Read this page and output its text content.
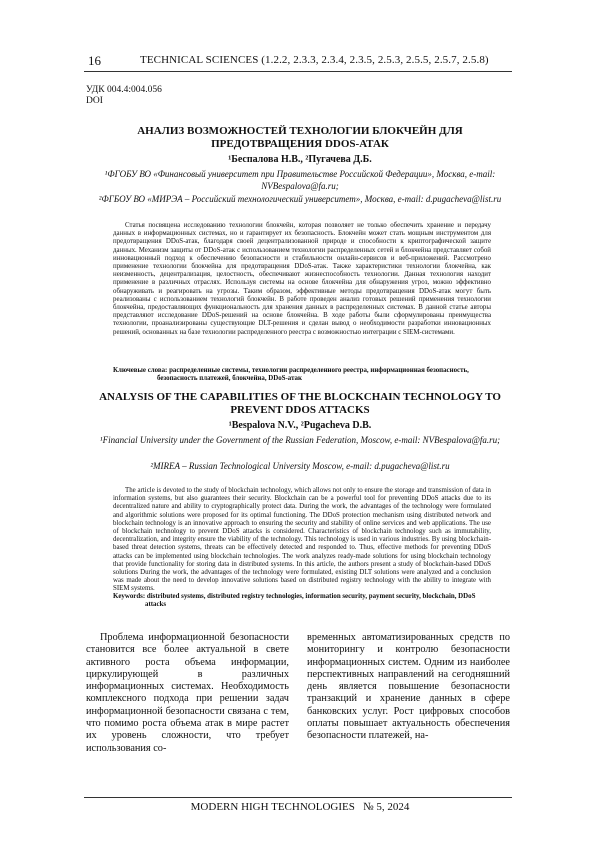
16	TECHNICAL SCIENCES (1.2.2, 2.3.3, 2.3.4, 2.3.5, 2.5.3, 2.5.5, 2.5.7, 2.5.8)
УДК 004.4:004.056
DOI
АНАЛИЗ ВОЗМОЖНОСТЕЙ ТЕХНОЛОГИИ БЛОКЧЕЙН ДЛЯ ПРЕДОТВРАЩЕНИЯ DDOS-АТАК
¹Беспалова Н.В., ²Пугачева Д.Б.
¹ФГОБУ ВО «Финансовый университет при Правительстве Российской Федерации», Москва, e-mail: NVBespalova@fa.ru;
²ФГБОУ ВО «МИРЭА – Российский технологический университет», Москва, e-mail: d.pugacheva@list.ru
Статья посвящена исследованию технологии блокчейн, которая позволяет не только обеспечить хранение и передачу данных в информационных системах, но и гарантирует их безопасность. Блокчейн может стать мощным инструментом для предотвращения DDoS-атак, благодаря своей децентрализованной природе и способности к криптографической защите данных. Механизм защиты от DDoS-атак с использованием технологии распределенных сетей и блокчейна представляет собой инновационный подход к обеспечению безопасности и стабильности онлайн-сервисов и веб-приложений. Рассмотрено применение технологии блокчейна для предотвращения DDoS-атак. Также характеристики технологии блокчейна, как неизменность, децентрализация, целостность, обеспечивают жизнеспособность технологии. Данная технология находит применение в различных отраслях. Используя системы на основе блокчейна для обнаружения угроз, можно эффективно обнаруживать и реагировать на угрозы. Таким образом, эффективные методы предотвращения DDoS-атак могут быть реализованы с использованием технологий блокчейн. В работе проведен анализ готовых решений применения технологии блокчейна, предоставляющих функциональность для хранения данных в распределенных системах. В данной статье авторы представляют исследование DDoS-решений на основе блокчейна. В ходе работы были сформулированы преимущества технологии, проанализированы существующие DLT-решения и сделан вывод о необходимости разработки инновационных решений, основанных на базе технологии распределенного реестра с возможностью интеграции с SIEM-системами.
Ключевые слова: распределенные системы, технологии распределенного реестра, информационная безопасность, безопасность платежей, блокчейна, DDoS-атак
ANALYSIS OF THE CAPABILITIES OF THE BLOCKCHAIN TECHNOLOGY TO PREVENT DDOS ATTACKS
¹Bespalova N.V., ²Pugacheva D.B.
¹Financial University under the Government of the Russian Federation, Moscow, e-mail: NVBespalova@fa.ru;
²MIREA – Russian Technological University Moscow, e-mail: d.pugacheva@list.ru
The article is devoted to the study of blockchain technology, which allows not only to ensure the storage and transmission of data in information systems, but also guarantees their security. Blockchain can be a powerful tool for preventing DDoS attacks due to its decentralized nature and ability to cryptographically protect data. During the work, the advantages of the technology were formulated and algorithmic solutions were proposed for its optimal functioning. The DDoS protection mechanism using distributed network and blockchain technology is an innovative approach to ensuring the security and stability of online services and web applications. The use of blockchain technology to prevent DDoS attacks is considered. Characteristics of blockchain technology such as immutability, decentralization, and integrity ensure the viability of the technology. This technology is used in various industries. By using blockchain-based threat detection systems, threats can be effectively detected and responded to. Thus, effective methods for preventing DDoS attacks can be implemented using blockchain technologies. The work analyzes ready-made solutions for using blockchain technology that provide functionality for storing data in distributed systems. In this article, the authors present a study of blockchain-based DDoS solutions During the work, the advantages of the technology were formulated, existing DLT solutions were analyzed and a conclusion was made about the need to develop innovative solutions based on distributed registry technology with the ability to integrate with SIEM systems.
Keywords: distributed systems, distributed registry technologies, information security, payment security, blockchain, DDoS attacks
Проблема информационной безопасности становится все более актуальной в свете активного роста объема информации, циркулирующей в различных информационных системах. Необходимость комплексного подхода при решении задач информационной безопасности связана с тем, что помимо роста объема атак в мире растет их уровень сложности, что требует использования со-
временных автоматизированных средств по мониторингу и контролю безопасности информационных систем. Одним из наиболее перспективных направлений на сегодняшний день является повышение безопасности транзакций и хранение данных в сфере банковских услуг. Рост цифровых способов оплаты повышает актуальность обеспечения безопасности платежей, на-
MODERN HIGH TECHNOLOGIES № 5, 2024
